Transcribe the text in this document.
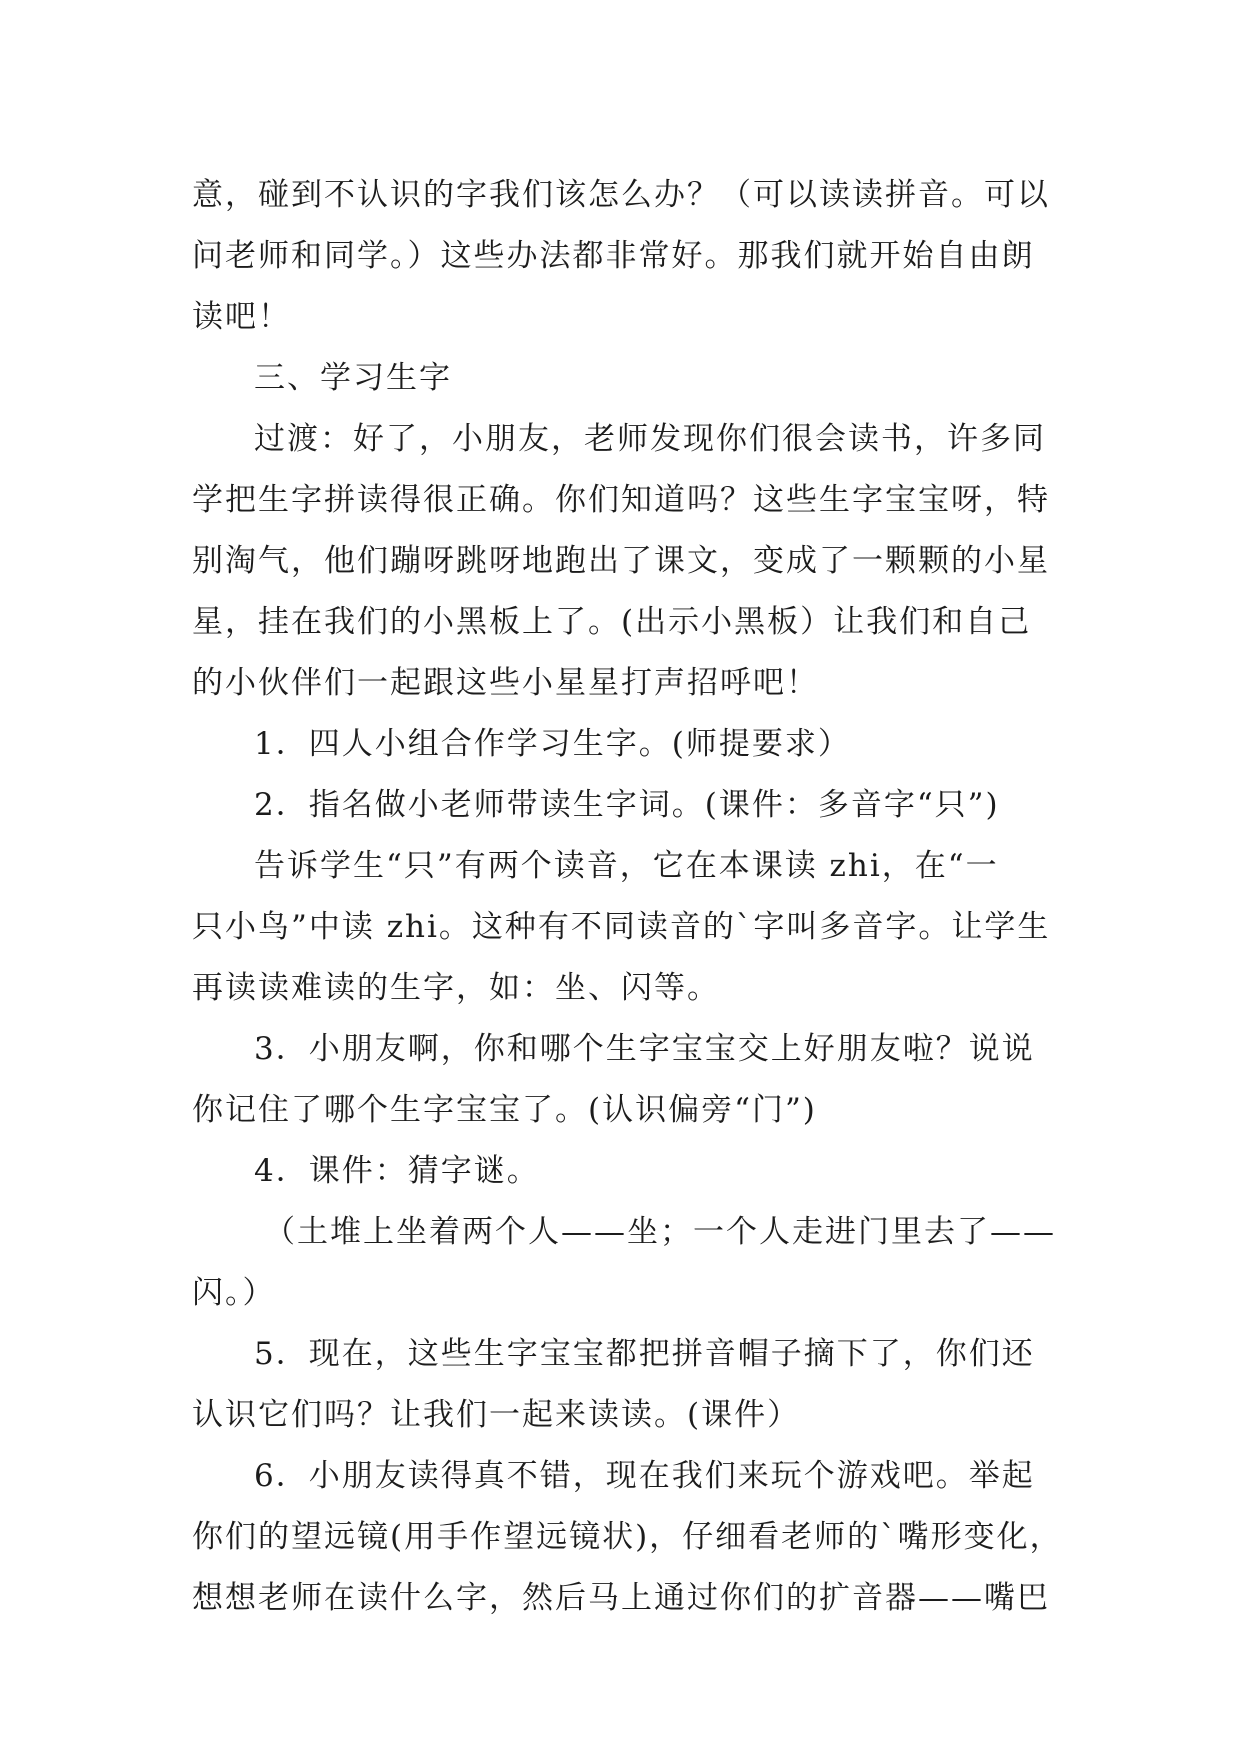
意，碰到不认识的字我们该怎么办？（可以读读拼音。可以
问老师和同学。）这些办法都非常好。那我们就开始自由朗
读吧！
三、学习生字
过渡：好了，小朋友，老师发现你们很会读书，许多同
学把生字拼读得很正确。你们知道吗？这些生字宝宝呀，特
别淘气，他们蹦呀跳呀地跑出了课文，变成了一颗颗的小星
星，挂在我们的小黑板上了。(出示小黑板）让我们和自己
的小伙伴们一起跟这些小星星打声招呼吧！
1．四人小组合作学习生字。(师提要求）
2．指名做小老师带读生字词。(课件：多音字“只”)
告诉学生“只”有两个读音，它在本课读 zhi，在“一
只小鸟”中读 zhi。这种有不同读音的`字叫多音字。让学生
再读读难读的生字，如：坐、闪等。
3．小朋友啊，你和哪个生字宝宝交上好朋友啦？说说
你记住了哪个生字宝宝了。(认识偏旁“门”)
4．课件：猜字谜。
（土堆上坐着两个人——坐；一个人走进门里去了——
闪。）
5．现在，这些生字宝宝都把拼音帽子摘下了，你们还
认识它们吗？让我们一起来读读。(课件）
6．小朋友读得真不错，现在我们来玩个游戏吧。举起
你们的望远镜(用手作望远镜状)，仔细看老师的`嘴形变化，
想想老师在读什么字，然后马上通过你们的扩音器——嘴巴
